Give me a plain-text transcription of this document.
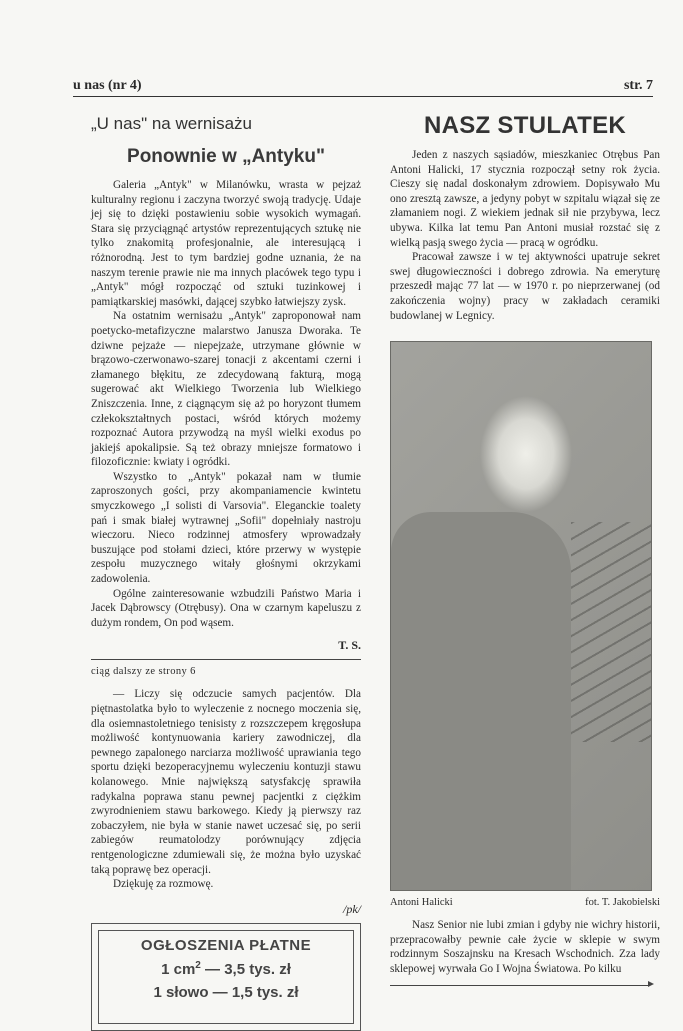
u nas (nr 4)	str. 7
„U nas" na wernisażu
Ponownie w „Antyku"

Galeria „Antyk" w Milanówku, wrasta w pejzaż kulturalny regionu i zaczyna tworzyć swoją tradycję. Udaje jej się to dzięki postawieniu sobie wysokich wymagań. Stara się przyciągnąć artystów reprezentujących sztukę nie tylko znakomitą profesjonalnie, ale interesującą i różnorodną. Jest to tym bardziej godne uznania, że na naszym terenie prawie nie ma innych placówek tego typu i „Antyk" mógł rozpocząć od sztuki tuzinkowej i pamiątkarskiej masówki, dającej szybko łatwiejszy zysk.

Na ostatnim wernisażu „Antyk" zaproponował nam poetycko-metafizyczne malarstwo Janusza Dworaka. Te dziwne pejzaże — niepejzaże, utrzymane głównie w brązowo-czerwonawo-szarej tonacji z akcentami czerni i złamanego błękitu, ze zdecydowaną fakturą, mogą sugerować akt Wielkiego Tworzenia lub Wielkiego Zniszczenia. Inne, z ciągnącym się aż po horyzont tłumem człekokształtnych postaci, wśród których możemy rozpoznać Autora przywodzą na myśl wielki exodus po jakiejś apokalipsie. Są też obrazy mniejsze formatowo i filozoficznie: kwiaty i ogródki.

Wszystko to „Antyk" pokazał nam w tłumie zaproszonych gości, przy akompaniamencie kwintetu smyczkowego „I solisti di Varsovia". Eleganckie toalety pań i smak białej wytrawnej „Sofii" dopełniały nastroju wieczoru. Nieco rodzinnej atmosfery wprowadzały buszujące pod stołami dzieci, które przerwy w występie zespołu muzycznego witały głośnymi okrzykami zadowolenia.

Ogólne zainteresowanie wzbudzili Państwo Maria i Jacek Dąbrowscy (Otrębusy). Ona w czarnym kapeluszu z dużym rondem, On pod wąsem.

T. S.
ciąg dalszy ze strony 6

— Liczy się odczucie samych pacjentów. Dla piętnastolatka było to wyleczenie z nocnego moczenia się, dla osiemnastoletniego tenisisty z rozszczepem kręgosłupa możliwość kontynuowania kariery zawodniczej, dla pewnego zapalonego narciarza możliwość uprawiania tego sportu dzięki bezoperacyjnemu wyleczeniu kontuzji stawu kolanowego. Mnie największą satysfakcję sprawiła radykalna poprawa stanu pewnej pacjentki z ciężkim zwyrodnieniem stawu barkowego. Kiedy ją pierwszy raz zobaczyłem, nie była w stanie nawet uczesać się, po serii zabiegów reumatolodzy porównujący zdjęcia rentgenologiczne zdumiewali się, że można było uzyskać taką poprawę bez operacji.

Dziękuję za rozmowę.

/pk/
OGŁOSZENIA PŁATNE
1 $cm^2$ — 3,5 tys. zł
1 słowo — 1,5 tys. zł
NASZ STULATEK

Jeden z naszych sąsiadów, mieszkaniec Otrębus Pan Antoni Halicki, 17 stycznia rozpoczął setny rok życia. Cieszy się nadal doskonałym zdrowiem. Dopisywało Mu ono zresztą zawsze, a jedyny pobyt w szpitalu wiązał się ze złamaniem nogi. Z wiekiem jednak sił nie przybywa, lecz ubywa. Kilka lat temu Pan Antoni musiał rozstać się z wielką pasją swego życia — pracą w ogródku.

Pracował zawsze i w tej aktywności upatruje sekret swej długowieczności i dobrego zdrowia. Na emeryturę przeszedł mając 77 lat — w 1970 r. po nieprzerwanej (od zakończenia wojny) pracy w zakładach ceramiki budowlanej w Legnicy.

Antoni Halicki	fot. T. Jakobielski

Nasz Senior nie lubi zmian i gdyby nie wichry historii, przepracowałby pewnie całe życie w sklepie w swym rodzinnym Soszajnsku na Kresach Wschodnich. Zza lady sklepowej wyrwała Go I Wojna Światowa. Po kilku
